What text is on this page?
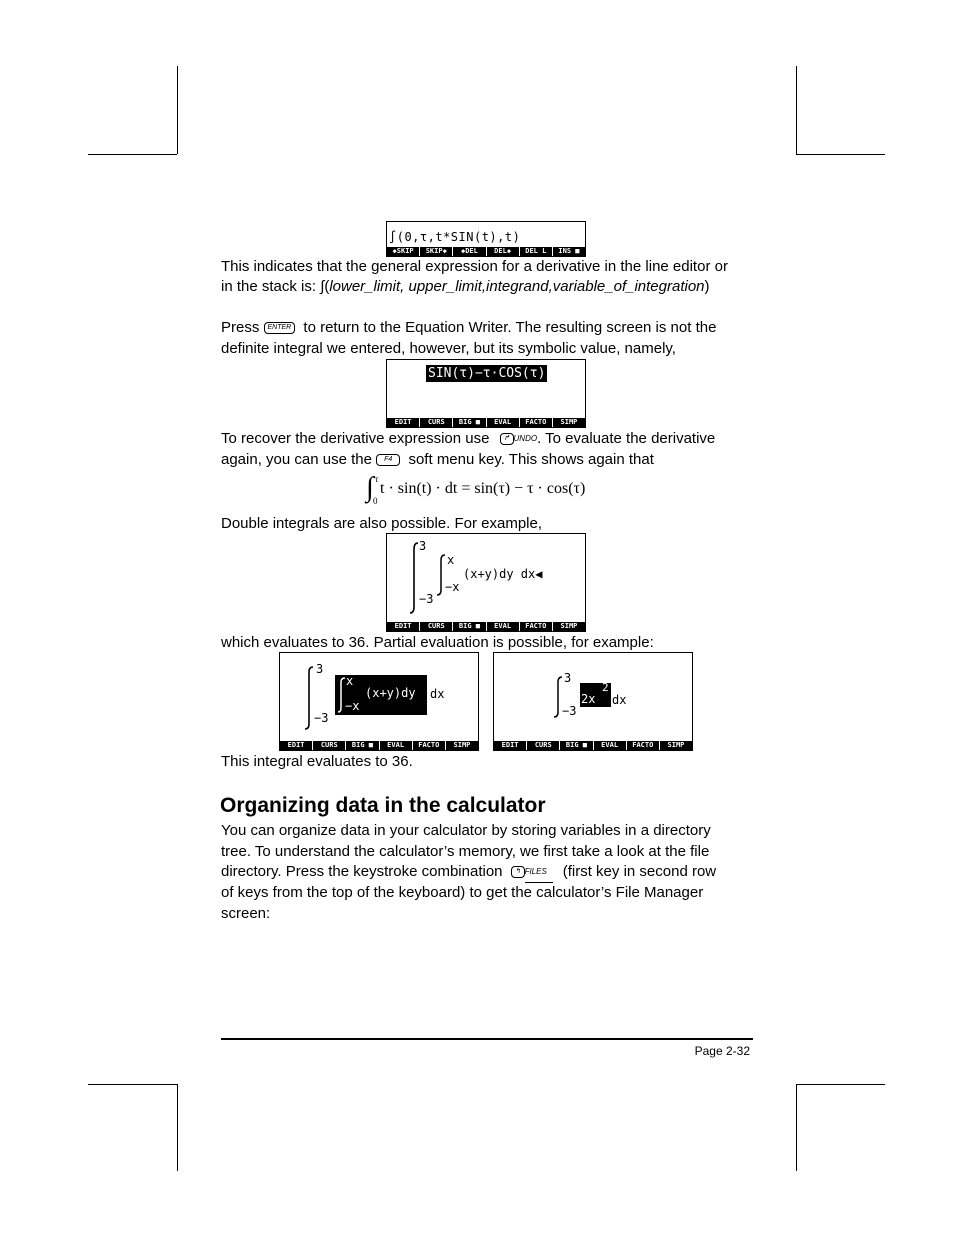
∫(0,τ,t*SIN(t),t)
◆SKIP	SKIP◆	◆DEL	DEL◆	DEL L	INS ■
This indicates that the general expression for a derivative in the line editor or
in the stack is: ∫(lower_limit, upper_limit,integrand,variable_of_integration)
Press ENTER to return to the Equation Writer. The resulting screen is not the
definite integral we entered, however, but its symbolic value, namely,
SIN(τ)−τ·COS(τ)
EDIT	CURS	BIG ■	EVAL	FACTO	SIMP
To recover the derivative expression use ↱ $^{UNDO}$. To evaluate the derivative
again, you can use the F4 soft menu key. This shows again that
∫ τ
0
t · sin(t) · dt = sin(τ) − τ · cos(τ)
Double integrals are also possible. For example,
3
−3
x
−x
(x+y)dy dx◀
EDIT	CURS	BIG ■	EVAL	FACTO	SIMP
which evaluates to 36. Partial evaluation is possible, for example:
3
−3
x
−x
(x+y)dy dx
EDIT	CURS	BIG ■	EVAL	FACTO	SIMP
3
−3
2x
2
dx
EDIT	CURS	BIG ■	EVAL	FACTO	SIMP
This integral evaluates to 36.
Organizing data in the calculator
You can organize data in your calculator by storing variables in a directory
tree. To understand the calculator’s memory, we first take a look at the file
directory. Press the keystroke combination ↰ FILES (first key in second row
of keys from the top of the keyboard) to get the calculator’s File Manager
screen:
Page 2-32
